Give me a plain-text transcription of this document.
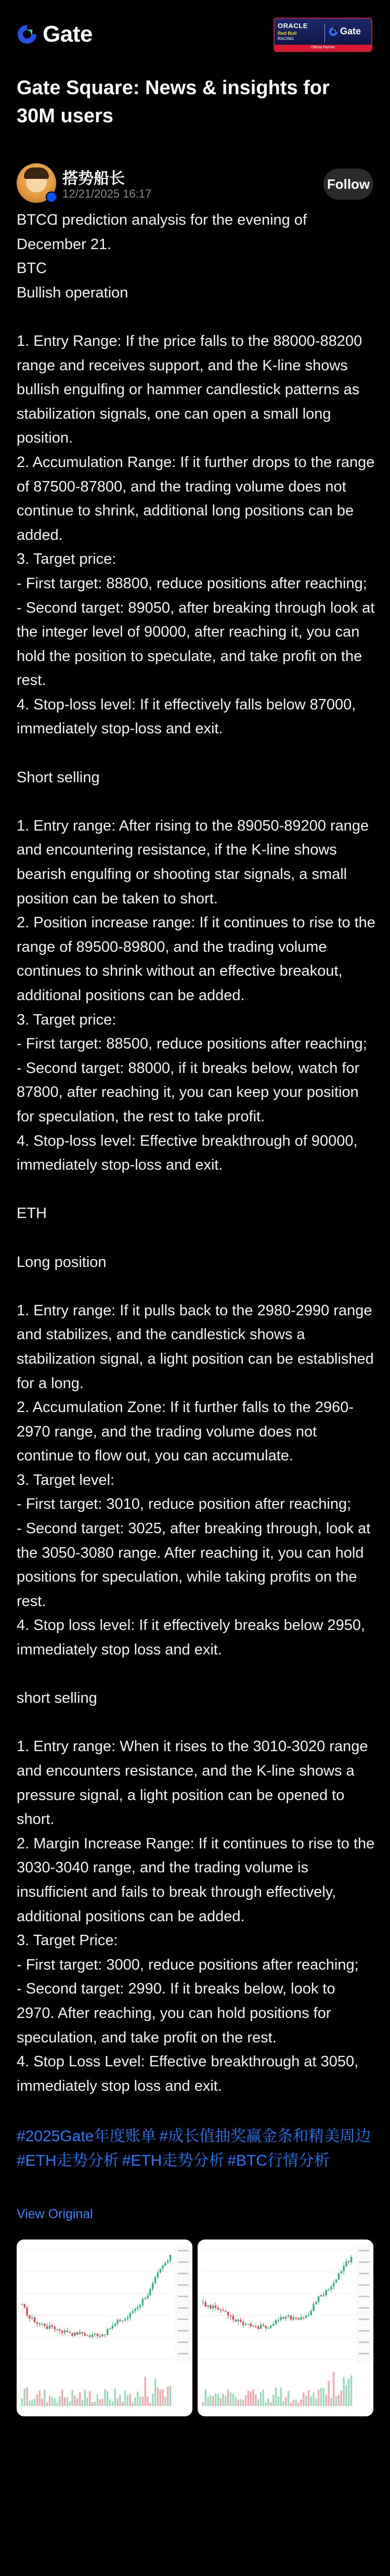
Gate	ORACLE
Red Bull
RACING
Gate
Official Partner
Gate Square: News & insights for 30M users
搭势船长
12/21/2025 16:17
Follow

BTCⱭ prediction analysis for the evening of December 21.

BTC

Bullish operation

1. Entry Range: If the price falls to the 88000-88200 range and receives support, and the K-line shows bullish engulfing or hammer candlestick patterns as stabilization signals, one can open a small long position.

2. Accumulation Range: If it further drops to the range of 87500-87800, and the trading volume does not continue to shrink, additional long positions can be added.

3. Target price:

- First target: 88800, reduce positions after reaching;

- Second target: 89050, after breaking through look at the integer level of 90000, after reaching it, you can hold the position to speculate, and take profit on the rest.

4. Stop-loss level: If it effectively falls below 87000, immediately stop-loss and exit.

Short selling

1. Entry range: After rising to the 89050-89200 range and encountering resistance, if the K-line shows bearish engulfing or shooting star signals, a small position can be taken to short.

2. Position increase range: If it continues to rise to the range of 89500-89800, and the trading volume continues to shrink without an effective breakout, additional positions can be added.

3. Target price:

- First target: 88500, reduce positions after reaching;

- Second target: 88000, if it breaks below, watch for 87800, after reaching it, you can keep your position for speculation, the rest to take profit.

4. Stop-loss level: Effective breakthrough of 90000, immediately stop-loss and exit.

ETH

Long position

1. Entry range: If it pulls back to the 2980-2990 range and stabilizes, and the candlestick shows a stabilization signal, a light position can be established for a long.

2. Accumulation Zone: If it further falls to the 2960-2970 range, and the trading volume does not continue to flow out, you can accumulate.

3. Target level:

- First target: 3010, reduce position after reaching;

- Second target: 3025, after breaking through, look at the 3050-3080 range. After reaching it, you can hold positions for speculation, while taking profits on the rest.

4. Stop loss level: If it effectively breaks below 2950, immediately stop loss and exit.

short selling

1. Entry range: When it rises to the 3010-3020 range and encounters resistance, and the K-line shows a pressure signal, a light position can be opened to short.

2. Margin Increase Range: If it continues to rise to the 3030-3040 range, and the trading volume is insufficient and fails to break through effectively, additional positions can be added.

3. Target Price:

- First target: 3000, reduce positions after reaching;

- Second target: 2990. If it breaks below, look to 2970. After reaching, you can hold positions for speculation, and take profit on the rest.

4. Stop Loss Level: Effective breakthrough at 3050, immediately stop loss and exit.

#2025Gate年度账单 #成长值抽奖赢金条和精美周边#ETH走势分析 #ETH走势分析 #BTC行情分析
View Original
